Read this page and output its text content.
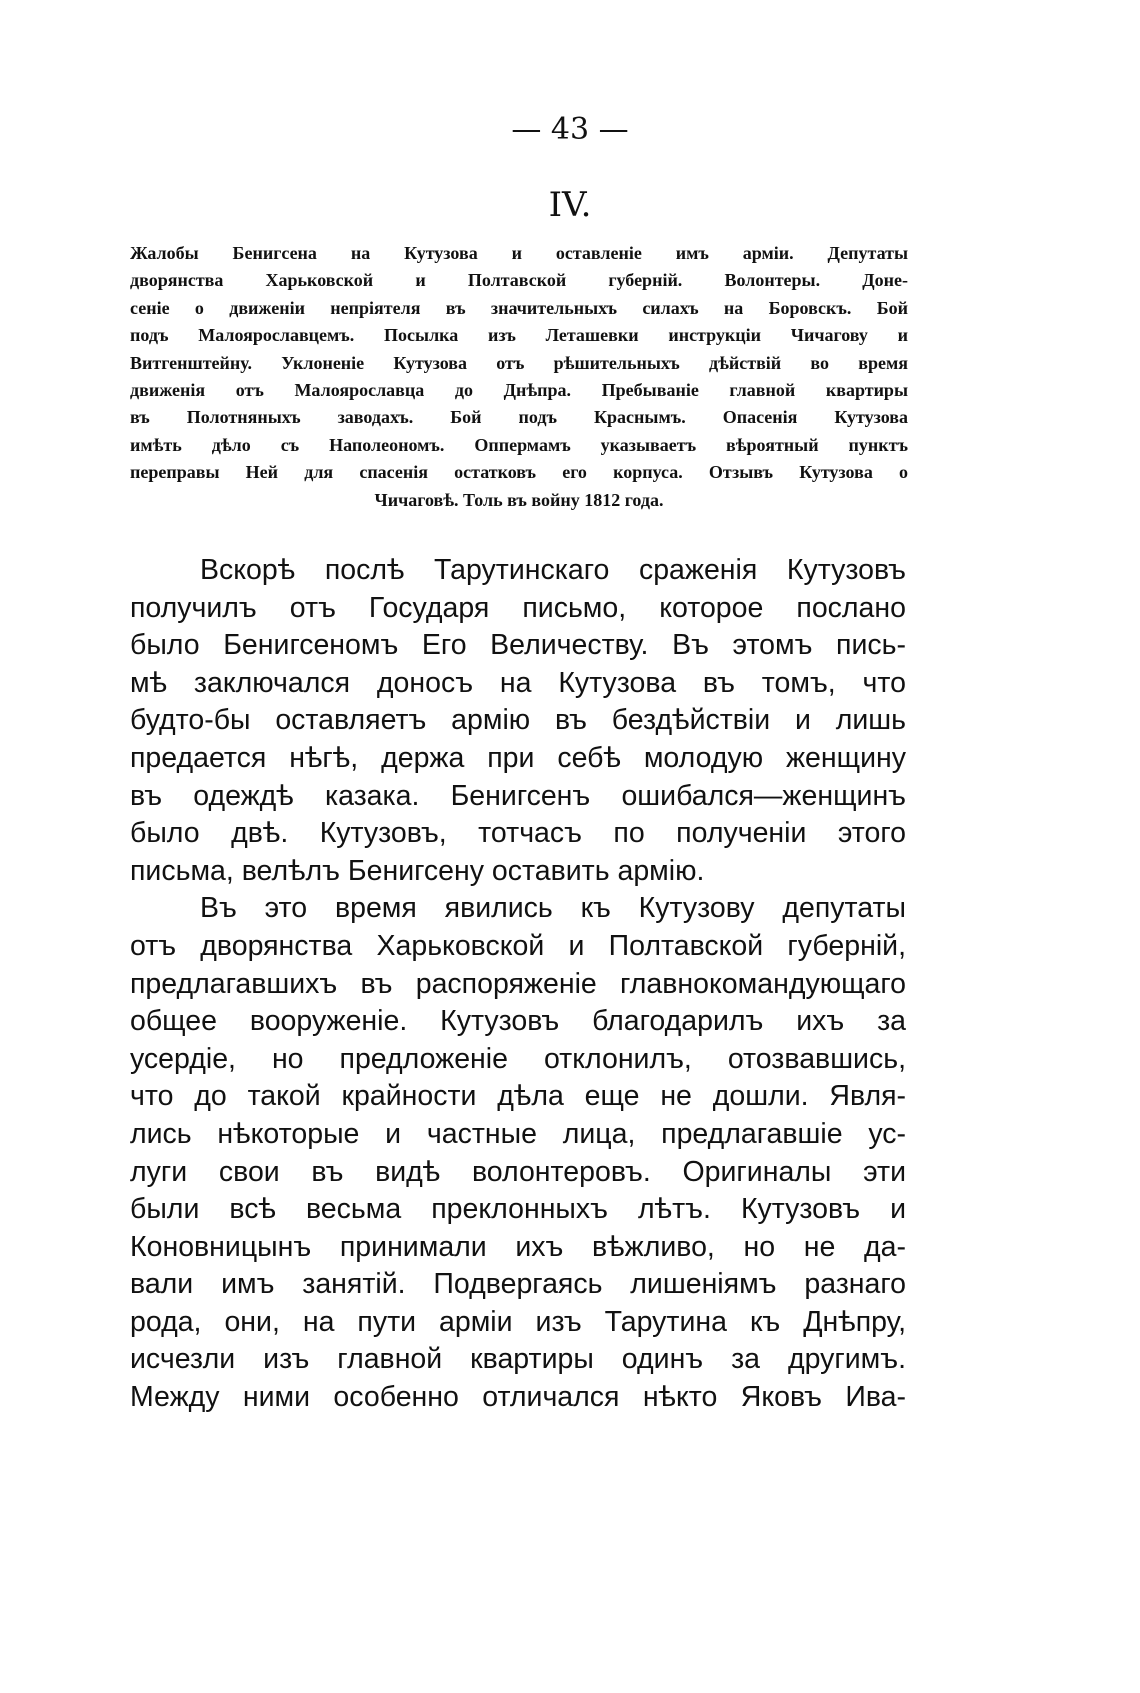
— 43 —
IV.
Жалобы Бенигсена на Кутузова и оставленіе имъ арміи. Депутаты
дворянства Харьковской и Полтавской губерній. Волонтеры. Доне-
сеніе о движеніи непріятеля въ значительныхъ силахъ на Боровскъ. Бой
подъ Малоярославцемъ. Посылка изъ Леташевки инструкціи Чичагову и
Витгенштейну. Уклоненіе Кутузова отъ рѣшительныхъ дѣйствій во время
движенія отъ Малоярославца до Днѣпра. Пребываніе главной квартиры
въ Полотняныхъ заводахъ. Бой подъ Краснымъ. Опасенія Кутузова
имѣть дѣло съ Наполеономъ. Оппермамъ указываетъ вѣроятный пунктъ
переправы Ней для спасенія остатковъ его корпуса. Отзывъ Кутузова о
Чичаговѣ. Толь въ войну 1812 года.
Вскорѣ послѣ Тарутинскаго сраженія Кутузовъ
получилъ отъ Государя письмо, которое послано
было Бенигсеномъ Его Величеству. Въ этомъ пись-
мѣ заключался доносъ на Кутузова въ томъ, что
будто-бы оставляетъ армію въ бездѣйствіи и лишь
предается нѣгѣ, держа при себѣ молодую женщину
въ одеждѣ казака. Бенигсенъ ошибался—женщинъ
было двѣ. Кутузовъ, тотчасъ по полученіи этого
письма, велѣлъ Бенигсену оставить армію.
Въ это время явились къ Кутузову депутаты
отъ дворянства Харьковской и Полтавской губерній,
предлагавшихъ въ распоряженіе главнокомандующаго
общее вооруженіе. Кутузовъ благодарилъ ихъ за
усердіе, но предложеніе отклонилъ, отозвавшись,
что до такой крайности дѣла еще не дошли. Явля-
лись нѣкоторые и частные лица, предлагавшіе ус-
луги свои въ видѣ волонтеровъ. Оригиналы эти
были всѣ весьма преклонныхъ лѣтъ. Кутузовъ и
Коновницынъ принимали ихъ вѣжливо, но не да-
вали имъ занятій. Подвергаясь лишеніямъ разнаго
рода, они, на пути арміи изъ Тарутина къ Днѣпру,
исчезли изъ главной квартиры одинъ за другимъ.
Между ними особенно отличался нѣкто Яковъ Ива-
